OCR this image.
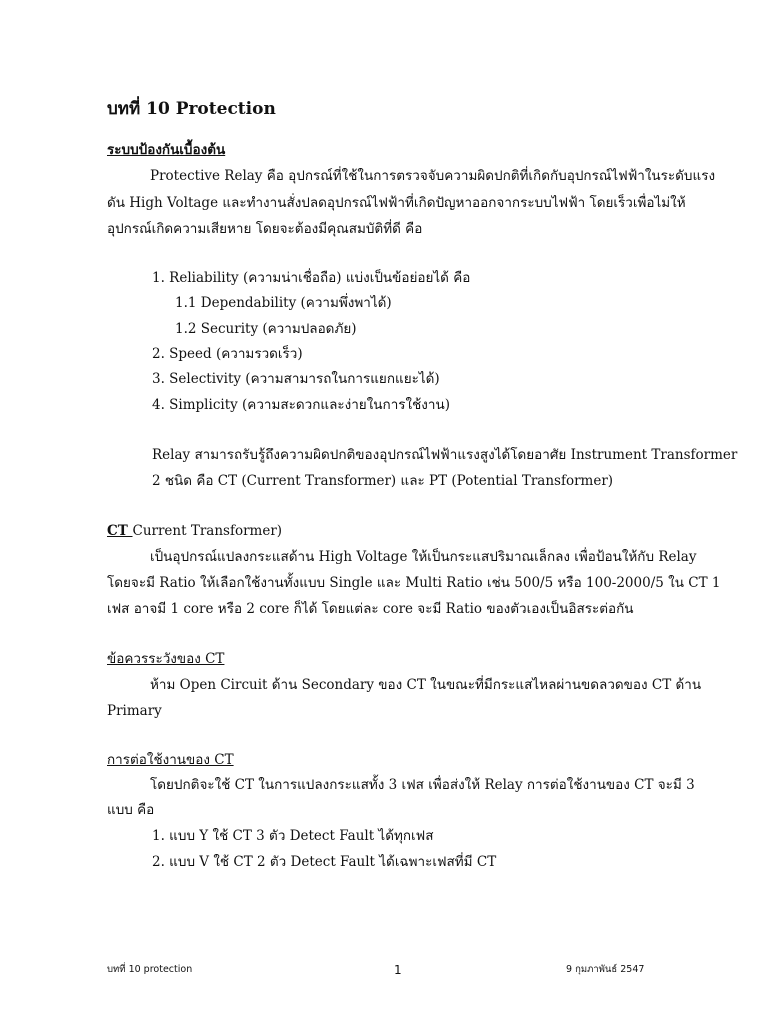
บทที่ 10 Protection
ระบบป้องกันเบื้องต้น
Protective Relay คือ อุปกรณ์ที่ใช้ในการตรวจจับความผิดปกติที่เกิดกับอุปกรณ์ไฟฟ้าในระดับแรง
ดัน High Voltage และทำงานสั่งปลดอุปกรณ์ไฟฟ้าที่เกิดปัญหาออกจากระบบไฟฟ้า โดยเร็วเพื่อไม่ให้
อุปกรณ์เกิดความเสียหาย โดยจะต้องมีคุณสมบัติที่ดี คือ
1. Reliability (ความน่าเชื่อถือ) แบ่งเป็นข้อย่อยได้ คือ
1.1 Dependability (ความพึ่งพาได้)
1.2 Security (ความปลอดภัย)
2. Speed (ความรวดเร็ว)
3. Selectivity (ความสามารถในการแยกแยะได้)
4. Simplicity (ความสะดวกและง่ายในการใช้งาน)
Relay สามารถรับรู้ถึงความผิดปกติของอุปกรณ์ไฟฟ้าแรงสูงได้โดยอาศัย Instrument Transformer
2 ชนิด คือ CT (Current Transformer) และ PT (Potential Transformer)
CT Current Transformer)
เป็นอุปกรณ์แปลงกระแสด้าน High Voltage ให้เป็นกระแสปริมาณเล็กลง เพื่อป้อนให้กับ Relay
โดยจะมี Ratio ให้เลือกใช้งานทั้งแบบ Single และ Multi Ratio เช่น 500/5 หรือ 100-2000/5 ใน CT 1
เฟส อาจมี 1 core หรือ 2 core ก็ได้ โดยแต่ละ core จะมี Ratio ของตัวเองเป็นอิสระต่อกัน
ข้อควรระวังของ CT
ห้าม Open Circuit ด้าน Secondary ของ CT ในขณะที่มีกระแสไหลผ่านขดลวดของ CT ด้าน
Primary
การต่อใช้งานของ CT
โดยปกติจะใช้ CT ในการแปลงกระแสทั้ง 3 เฟส เพื่อส่งให้ Relay การต่อใช้งานของ CT จะมี 3
แบบ คือ
1. แบบ Y ใช้ CT 3 ตัว Detect Fault ได้ทุกเฟส
2. แบบ V ใช้ CT 2 ตัว Detect Fault ได้เฉพาะเฟสที่มี CT
บทที่ 10 protection	1	9 กุมภาพันธ์ 2547
